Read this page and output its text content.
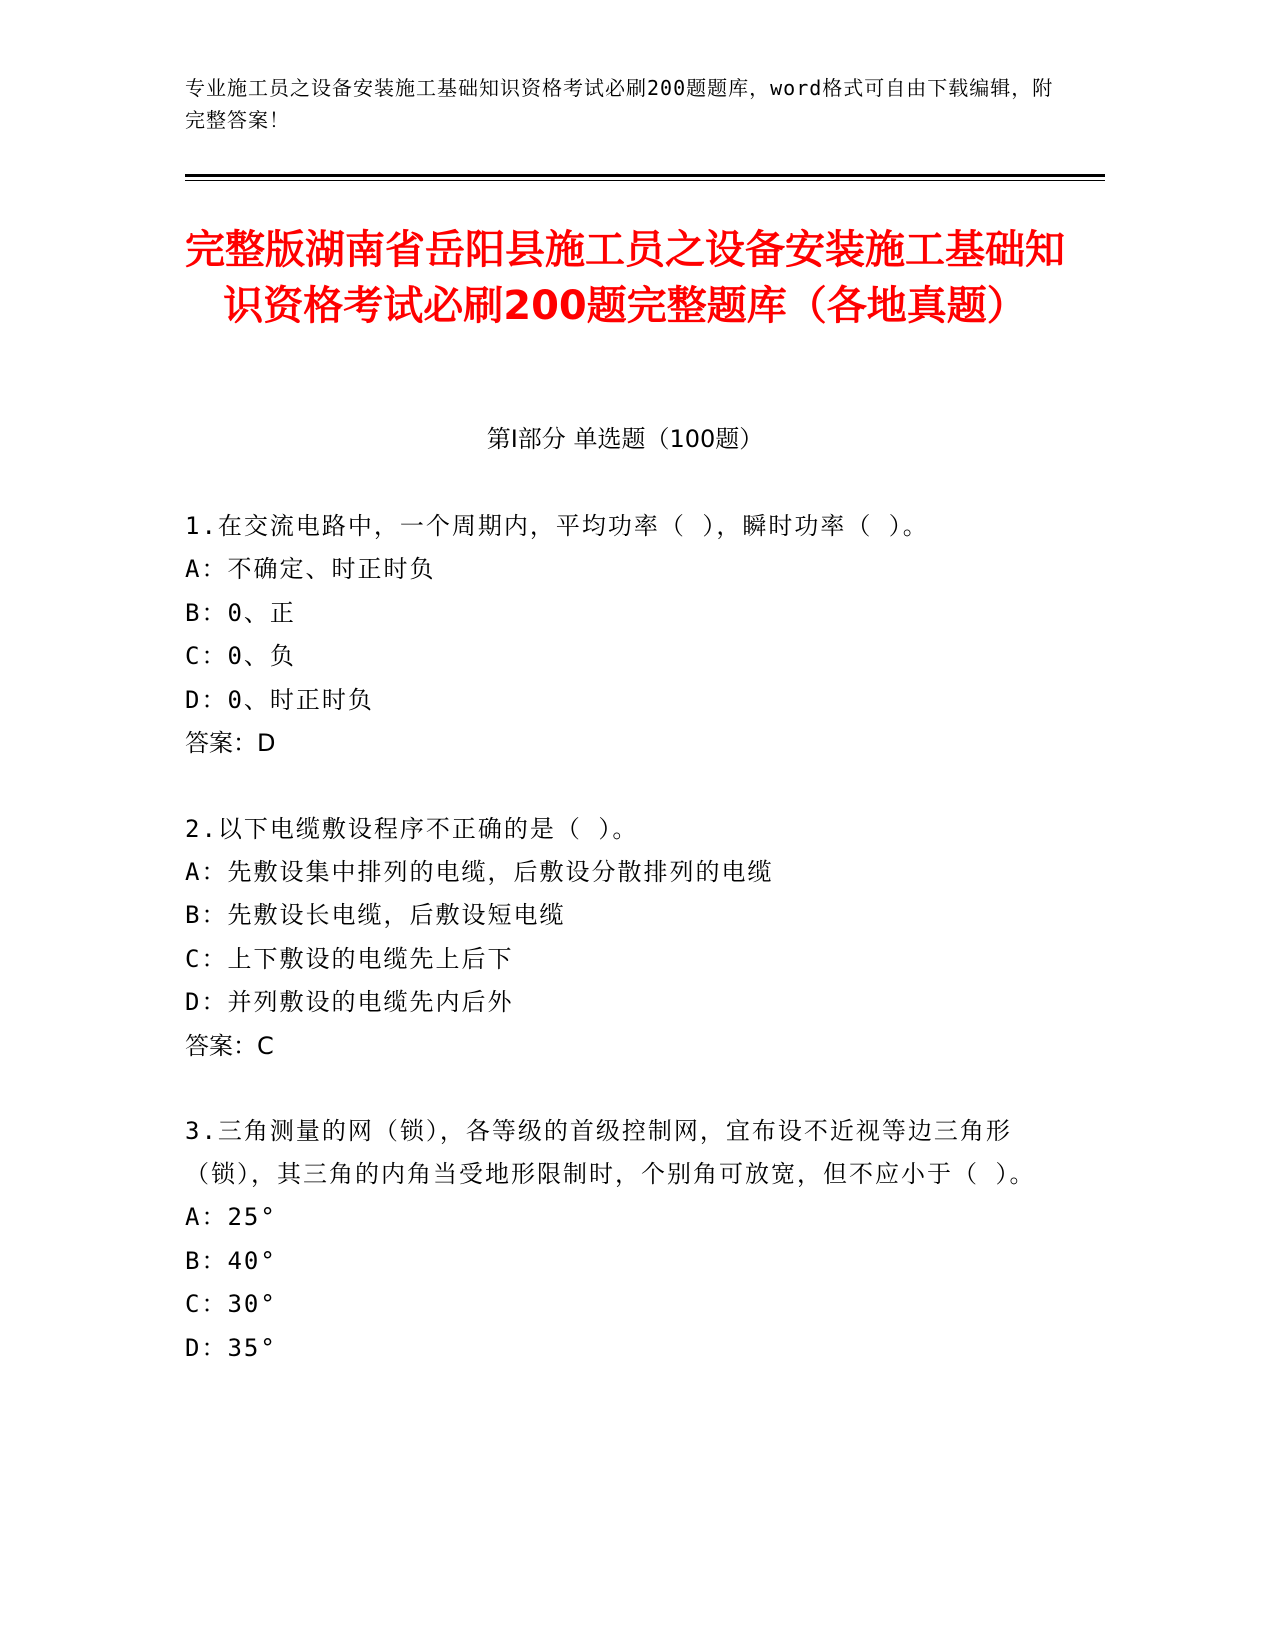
专业施工员之设备安装施工基础知识资格考试必刷200题题库，word格式可自由下载编辑，附完整答案！
完整版湖南省岳阳县施工员之设备安装施工基础知识资格考试必刷200题完整题库（各地真题）
第I部分 单选题（100题）
1.在交流电路中，一个周期内，平均功率（ ），瞬时功率（ ）。
A：不确定、时正时负
B：0、正
C：0、负
D：0、时正时负
答案：D
2.以下电缆敷设程序不正确的是（ ）。
A：先敷设集中排列的电缆，后敷设分散排列的电缆
B：先敷设长电缆，后敷设短电缆
C：上下敷设的电缆先上后下
D：并列敷设的电缆先内后外
答案：C
3.三角测量的网（锁），各等级的首级控制网，宜布设不近视等边三角形（锁），其三角的内角当受地形限制时，个别角可放宽，但不应小于（ ）。
A：25°
B：40°
C：30°
D：35°
